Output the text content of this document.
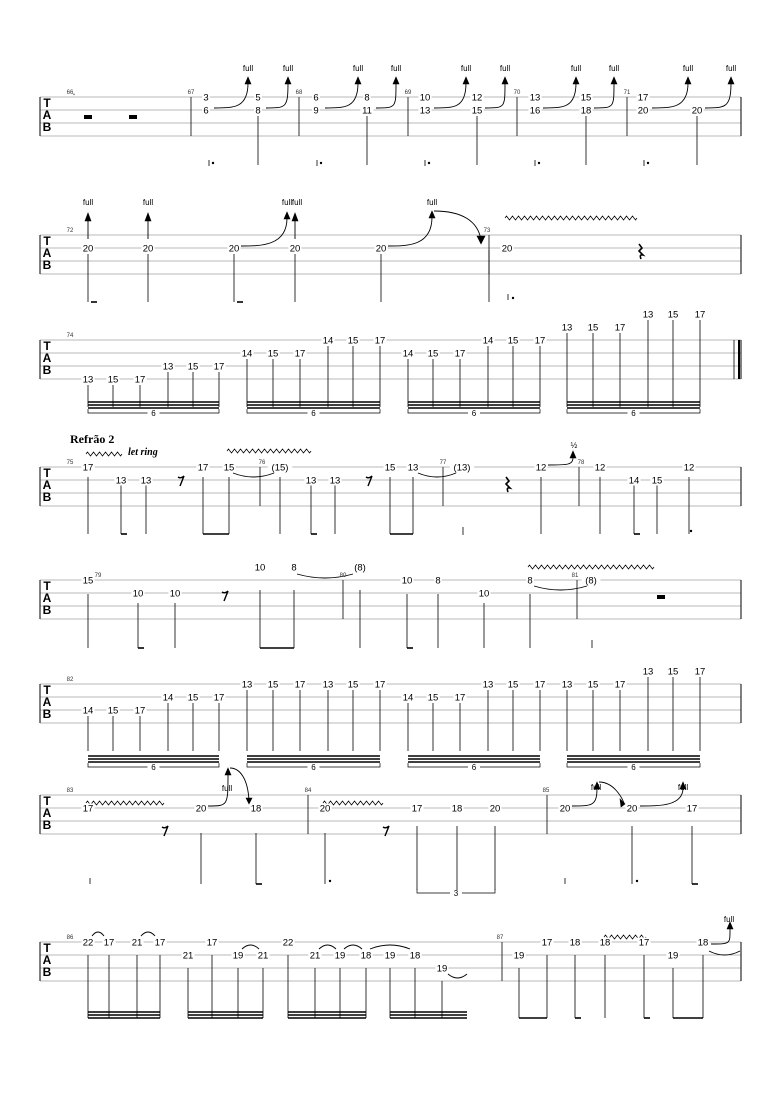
T
A
B
T
A
B
T
A
B
T
A
B
T
A
B
T
A
B
T
A
B
T
A
B
66	67	68	69	70	71
72	73
74
75	76	77	78
79	80	81
82
83	84	85
86	87
3
6
5
8
6
9
8
11
10
13
12
15
13
16
15
18
17
20	20
20	20	20	20	20	20
13 15 17
13 15 17
14 15 17
14 15 17
14 15 17
14 15 17
13 15 17
13 15 17
17
13 13
17 15	(15)
13 13
15 13	(13)	12	12
14 15
12
15
10	10
10	8	(8)
10 8
10
8	(8)
14 15 17
14 15 17
13 15 17 13 15 17
14 15 17
13 15 17 13 15 17
13 15 17
17	20	18	20	17	18	20	20	20	17
22 17 21 17
21
17
19 21
22
21 19 18 19 18
19
19
17 18 18	17
19
18
full	full	full	full	full	full	full	full	full	full
full	full	full full	full
½
full	full	full
full
6
6
6
6
6
6
6
6
3
“
Refrão 2
let ring
